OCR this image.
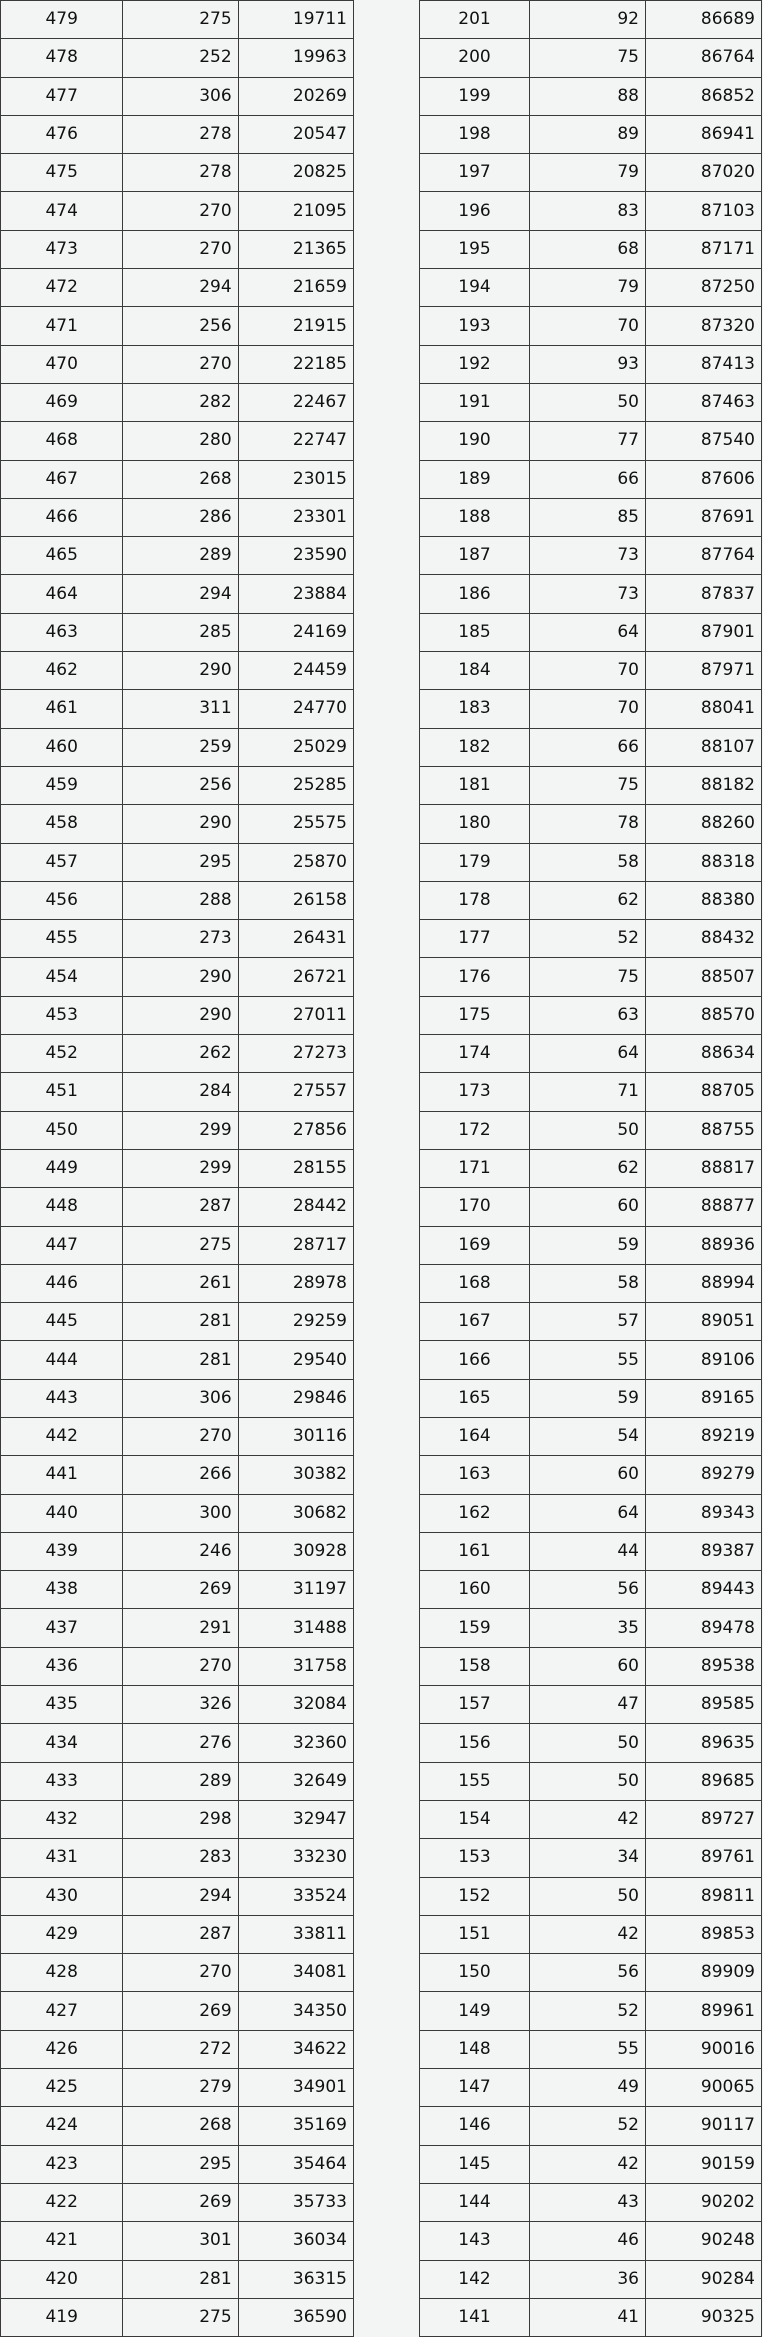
479	275	19711
478	252	19963
477	306	20269
476	278	20547
475	278	20825
474	270	21095
473	270	21365
472	294	21659
471	256	21915
470	270	22185
469	282	22467
468	280	22747
467	268	23015
466	286	23301
465	289	23590
464	294	23884
463	285	24169
462	290	24459
461	311	24770
460	259	25029
459	256	25285
458	290	25575
457	295	25870
456	288	26158
455	273	26431
454	290	26721
453	290	27011
452	262	27273
451	284	27557
450	299	27856
449	299	28155
448	287	28442
447	275	28717
446	261	28978
445	281	29259
444	281	29540
443	306	29846
442	270	30116
441	266	30382
440	300	30682
439	246	30928
438	269	31197
437	291	31488
436	270	31758
435	326	32084
434	276	32360
433	289	32649
432	298	32947
431	283	33230
430	294	33524
429	287	33811
428	270	34081
427	269	34350
426	272	34622
425	279	34901
424	268	35169
423	295	35464
422	269	35733
421	301	36034
420	281	36315
419	275	36590
201	92	86689
200	75	86764
199	88	86852
198	89	86941
197	79	87020
196	83	87103
195	68	87171
194	79	87250
193	70	87320
192	93	87413
191	50	87463
190	77	87540
189	66	87606
188	85	87691
187	73	87764
186	73	87837
185	64	87901
184	70	87971
183	70	88041
182	66	88107
181	75	88182
180	78	88260
179	58	88318
178	62	88380
177	52	88432
176	75	88507
175	63	88570
174	64	88634
173	71	88705
172	50	88755
171	62	88817
170	60	88877
169	59	88936
168	58	88994
167	57	89051
166	55	89106
165	59	89165
164	54	89219
163	60	89279
162	64	89343
161	44	89387
160	56	89443
159	35	89478
158	60	89538
157	47	89585
156	50	89635
155	50	89685
154	42	89727
153	34	89761
152	50	89811
151	42	89853
150	56	89909
149	52	89961
148	55	90016
147	49	90065
146	52	90117
145	42	90159
144	43	90202
143	46	90248
142	36	90284
141	41	90325
